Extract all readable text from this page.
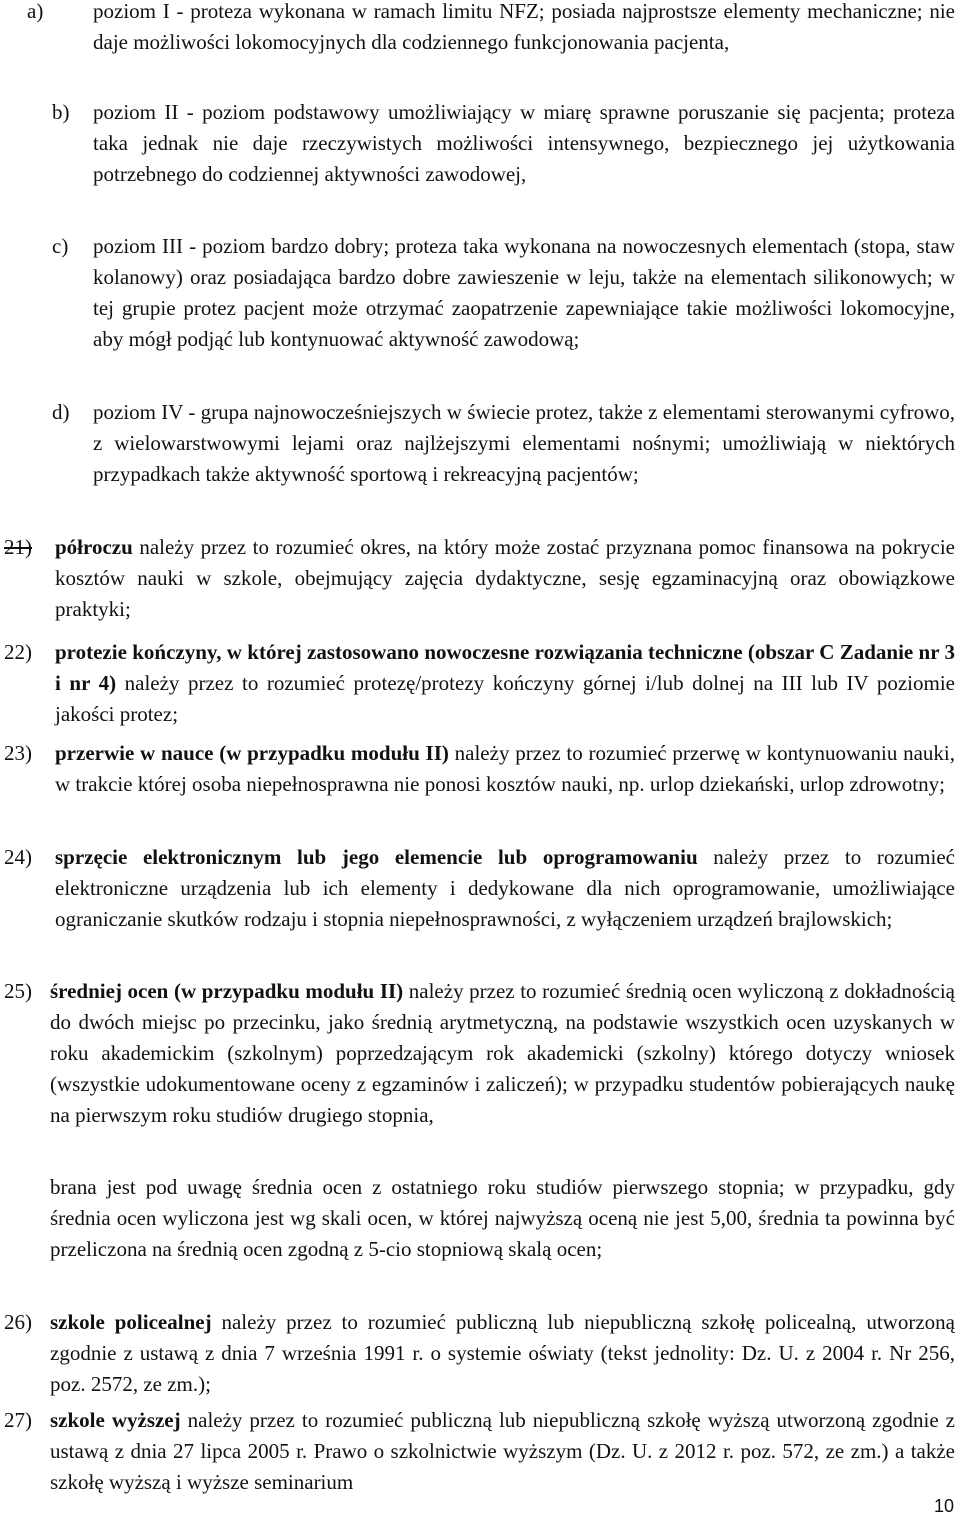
a) poziom I - proteza wykonana w ramach limitu NFZ; posiada najprostsze elementy mechaniczne; nie daje możliwości lokomocyjnych dla codziennego funkcjonowania pacjenta,
b) poziom II - poziom podstawowy umożliwiający w miarę sprawne poruszanie się pacjenta; proteza taka jednak nie daje rzeczywistych możliwości intensywnego, bezpiecznego jej użytkowania potrzebnego do codziennej aktywności zawodowej,
c) poziom III - poziom bardzo dobry; proteza taka wykonana na nowoczesnych elementach (stopa, staw kolanowy) oraz posiadająca bardzo dobre zawieszenie w leju, także na elementach silikonowych; w tej grupie protez pacjent może otrzymać zaopatrzenie zapewniające takie możliwości lokomocyjne, aby mógł podjąć lub kontynuować aktywność zawodową;
d) poziom IV - grupa najnowocześniejszych w świecie protez, także z elementami sterowanymi cyfrowo, z wielowarstwowymi lejami oraz najlżejszymi elementami nośnymi; umożliwiają w niektórych przypadkach także aktywność sportową i rekreacyjną pacjentów;
21) półroczu należy przez to rozumieć okres, na który może zostać przyznana pomoc finansowa na pokrycie kosztów nauki w szkole, obejmujący zajęcia dydaktyczne, sesję egzaminacyjną oraz obowiązkowe praktyki;
22) protezie kończyny, w której zastosowano nowoczesne rozwiązania techniczne (obszar C Zadanie nr 3 i nr 4) należy przez to rozumieć protezę/protezy kończyny górnej i/lub dolnej na III lub IV poziomie jakości protez;
23) przerwie w nauce (w przypadku modułu II) należy przez to rozumieć przerwę w kontynuowaniu nauki, w trakcie której osoba niepełnosprawna nie ponosi kosztów nauki, np. urlop dziekański, urlop zdrowotny;
24) sprzęcie elektronicznym lub jego elemencie lub oprogramowaniu należy przez to rozumieć elektroniczne urządzenia lub ich elementy i dedykowane dla nich oprogramowanie, umożliwiające ograniczanie skutków rodzaju i stopnia niepełnosprawności, z wyłączeniem urządzeń brajlowskich;
25) średniej ocen (w przypadku modułu II) należy przez to rozumieć średnią ocen wyliczoną z dokładnością do dwóch miejsc po przecinku, jako średnią arytmetyczną, na podstawie wszystkich ocen uzyskanych w roku akademickim (szkolnym) poprzedzającym rok akademicki (szkolny) którego dotyczy wniosek (wszystkie udokumentowane oceny z egzaminów i zaliczeń); w przypadku studentów pobierających naukę na pierwszym roku studiów drugiego stopnia,
brana jest pod uwagę średnia ocen z ostatniego roku studiów pierwszego stopnia; w przypadku, gdy średnia ocen wyliczona jest wg skali ocen, w której najwyższą oceną nie jest 5,00, średnia ta powinna być przeliczona na średnią ocen zgodną z 5-cio stopniową skalą ocen;
26) szkole policealnej należy przez to rozumieć publiczną lub niepubliczną szkołę policealną, utworzoną zgodnie z ustawą z dnia 7 września 1991 r. o systemie oświaty (tekst jednolity: Dz. U. z 2004 r. Nr 256, poz. 2572, ze zm.);
27) szkole wyższej należy przez to rozumieć publiczną lub niepubliczną szkołę wyższą utworzoną zgodnie z ustawą z dnia 27 lipca 2005 r. Prawo o szkolnictwie wyższym (Dz. U. z 2012 r. poz. 572, ze zm.) a także szkołę wyższą i wyższe seminarium
10
